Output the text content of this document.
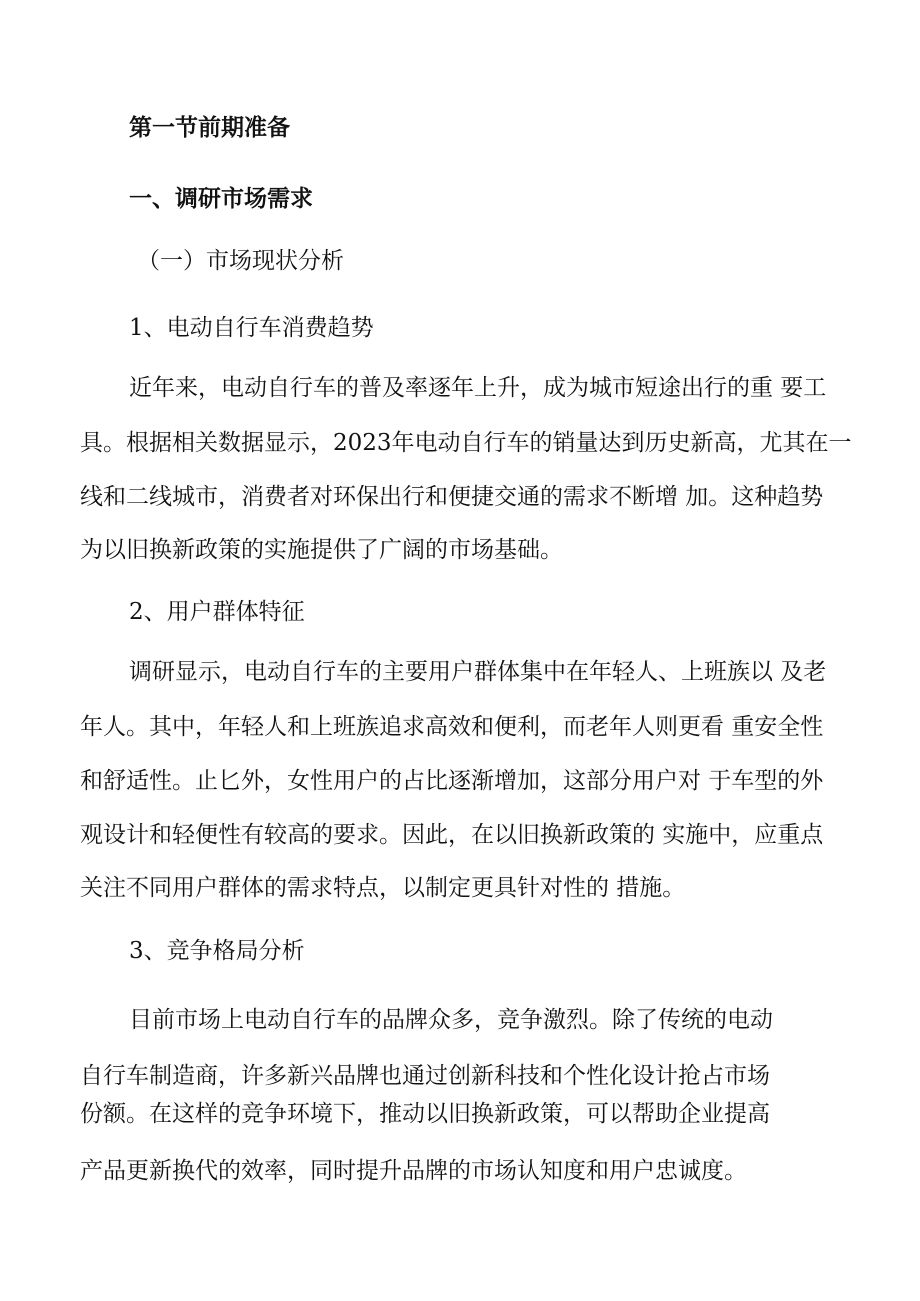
第一节前期准备
一、调研市场需求
（一）市场现状分析
1、电动自行车消费趋势
近年来，电动自行车的普及率逐年上升，成为城市短途出行的重 要工
具。根据相关数据显示，2023年电动自行车的销量达到历史新高，尤其在一
线和二线城市，消费者对环保出行和便捷交通的需求不断增 加。这种趋势
为以旧换新政策的实施提供了广阔的市场基础。
2、用户群体特征
调研显示，电动自行车的主要用户群体集中在年轻人、上班族以 及老
年人。其中，年轻人和上班族追求高效和便利，而老年人则更看 重安全性
和舒适性。止匕外，女性用户的占比逐渐增加，这部分用户对 于车型的外
观设计和轻便性有较高的要求。因此，在以旧换新政策的 实施中，应重点
关注不同用户群体的需求特点，以制定更具针对性的 措施。
3、竞争格局分析
目前市场上电动自行车的品牌众多，竞争激烈。除了传统的电动
自行车制造商，许多新兴品牌也通过创新科技和个性化设计抢占市场
份额。在这样的竞争环境下，推动以旧换新政策，可以帮助企业提高
产品更新换代的效率，同时提升品牌的市场认知度和用户忠诚度。
